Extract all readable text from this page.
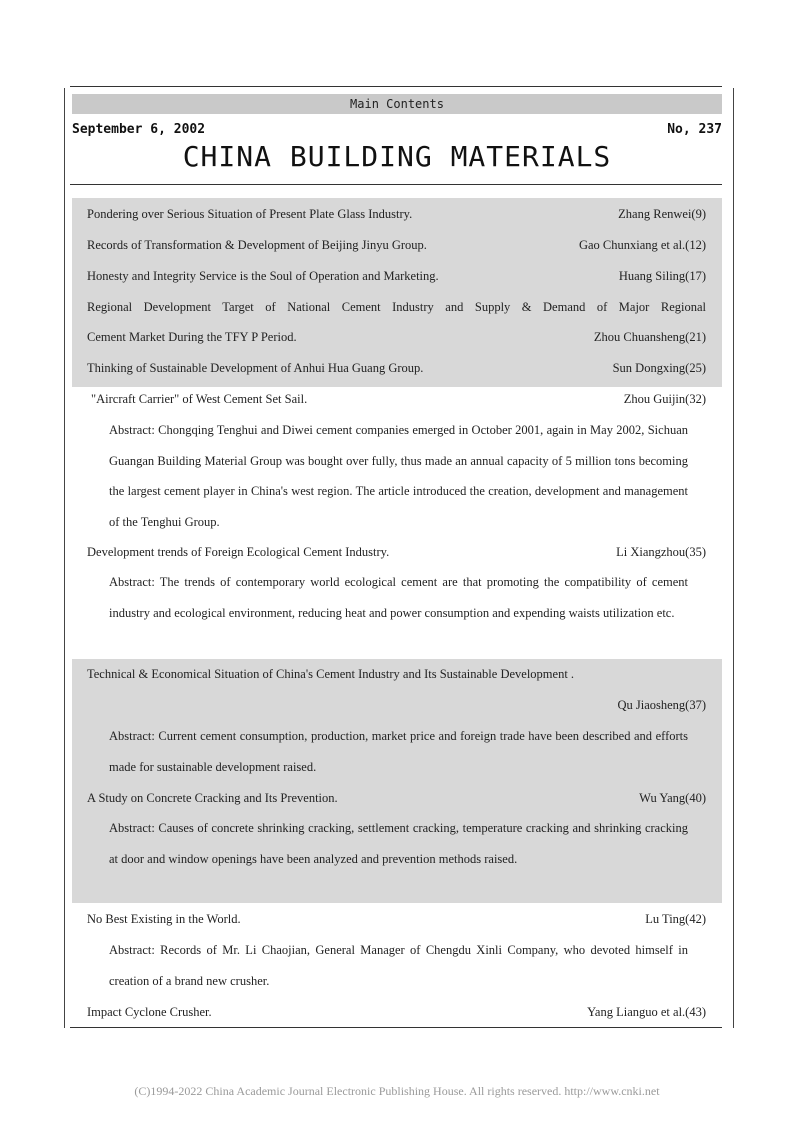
Main Contents
September 6, 2002	No, 237
CHINA BUILDING MATERIALS
Pondering over Serious Situation of Present Plate Glass Industry.	Zhang Renwei(9)
Records of Transformation & Development of Beijing Jinyu Group.	Gao Chunxiang et al.(12)
Honesty and Integrity Service is the Soul of Operation and Marketing.	Huang Siling(17)
Regional Development Target of National Cement Industry and Supply & Demand of Major Regional
Cement Market During the TFY P Period.	Zhou Chuansheng(21)
Thinking of Sustainable Development of Anhui Hua Guang Group.	Sun Dongxing(25)
"Aircraft Carrier" of West Cement Set Sail.	Zhou Guijin(32)
Abstract: Chongqing Tenghui and Diwei cement companies emerged in October 2001, again in May 2002, Sichuan Guangan Building Material Group was bought over fully, thus made an annual capacity of 5 million tons becoming the largest cement player in China's west region. The article introduced the creation, development and management of the Tenghui Group.
Development trends of Foreign Ecological Cement Industry.	Li Xiangzhou(35)
Abstract: The trends of contemporary world ecological cement are that promoting the compatibility of cement industry and ecological environment, reducing heat and power consumption and expending waists utilization etc.
Technical & Economical Situation of China's Cement Industry and Its Sustainable Development .
Qu Jiaosheng(37)
Abstract: Current cement consumption, production, market price and foreign trade have been described and efforts made for sustainable development raised.
A Study on Concrete Cracking and Its Prevention.	Wu Yang(40)
Abstract: Causes of concrete shrinking cracking, settlement cracking, temperature cracking and shrinking cracking at door and window openings have been analyzed and prevention methods raised.
No Best Existing in the World.	Lu Ting(42)
Abstract: Records of Mr. Li Chaojian, General Manager of Chengdu Xinli Company, who devoted himself in creation of a brand new crusher.
Impact Cyclone Crusher.	Yang Lianguo et al.(43)
(C)1994-2022 China Academic Journal Electronic Publishing House. All rights reserved. http://www.cnki.net
